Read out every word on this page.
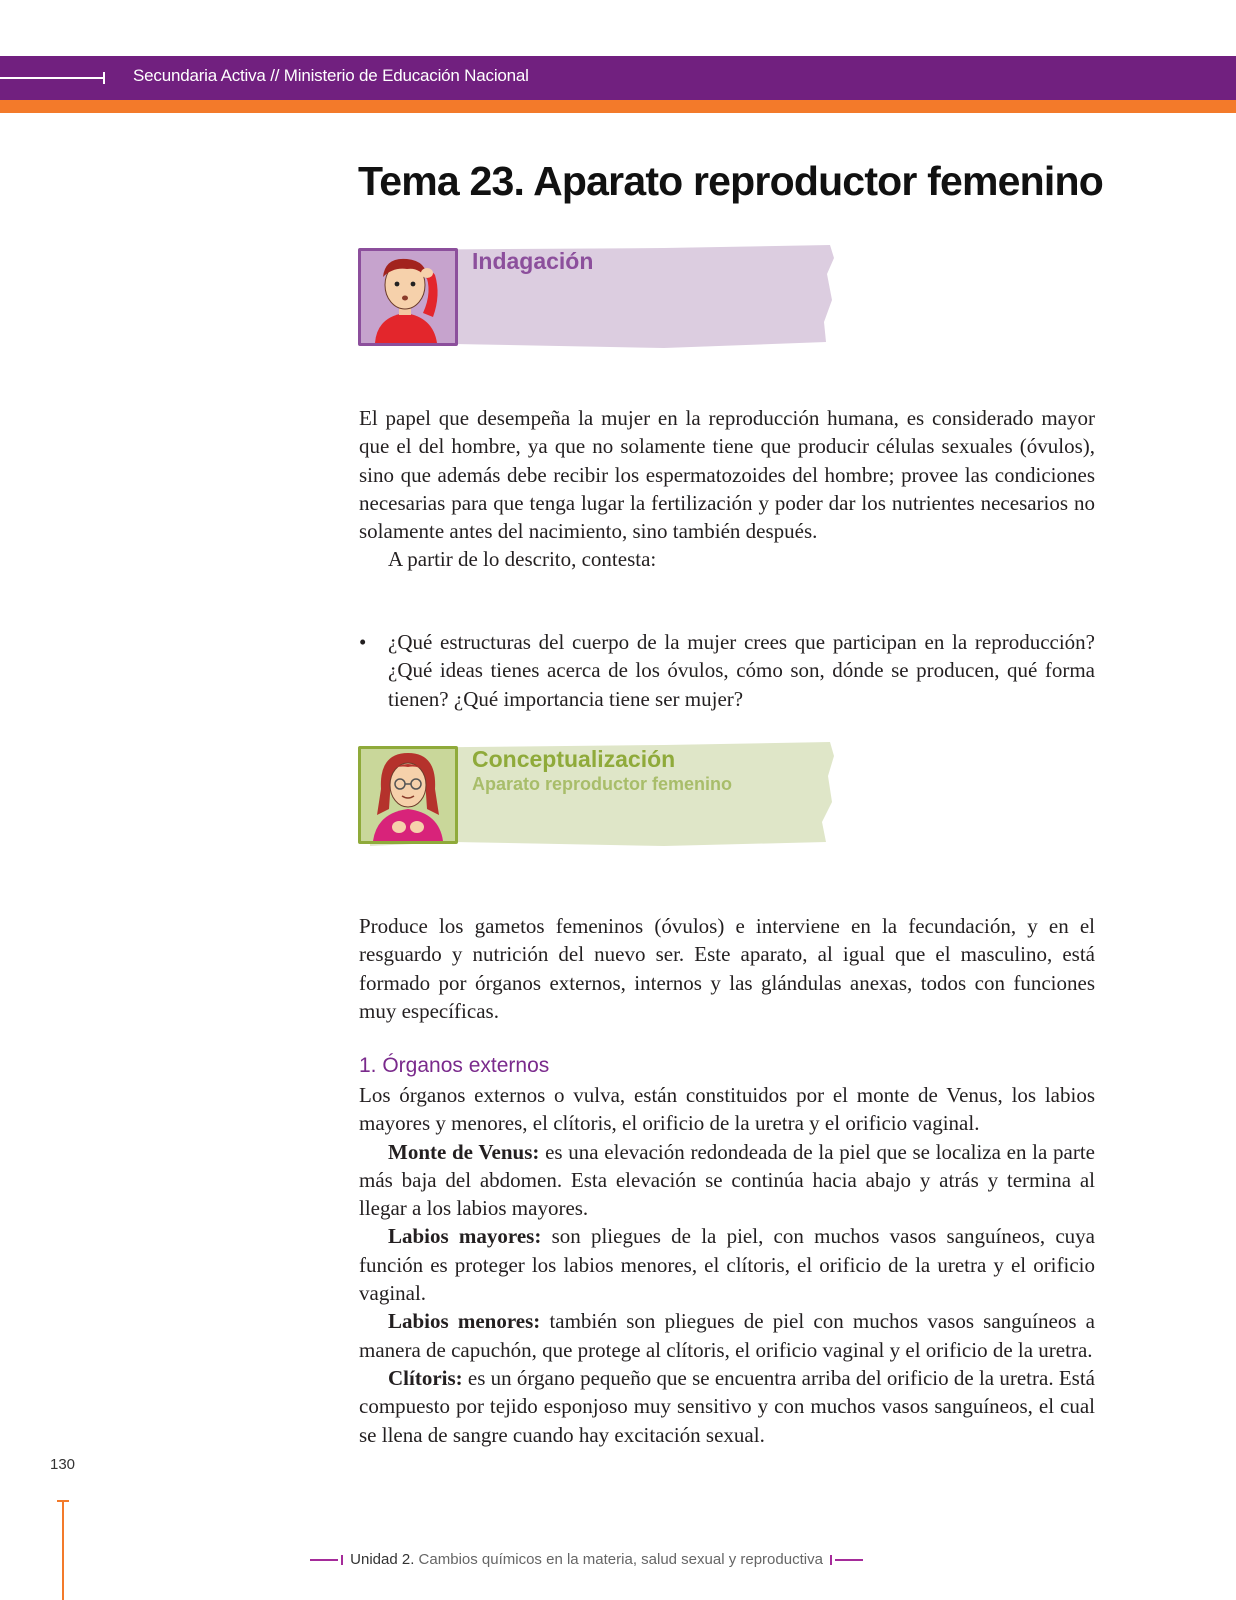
Secundaria Activa // Ministerio de Educación Nacional
Tema 23. Aparato reproductor femenino
Indagación

El papel que desempeña la mujer en la reproducción humana, es considerado mayor que el del hombre, ya que no solamente tiene que producir células sexuales (óvulos), sino que además debe recibir los espermatozoides del hombre; provee las condiciones necesarias para que tenga lugar la fertilización y poder dar los nutrientes necesarios no solamente antes del nacimiento, sino también después.

A partir de lo descrito, contesta:

• ¿Qué estructuras del cuerpo de la mujer crees que participan en la reproducción? ¿Qué ideas tienes acerca de los óvulos, cómo son, dónde se producen, qué forma tienen? ¿Qué importancia tiene ser mujer?
Conceptualización
Aparato reproductor femenino

Produce los gametos femeninos (óvulos) e interviene en la fecundación, y en el resguardo y nutrición del nuevo ser. Este aparato, al igual que el masculino, está formado por órganos externos, internos y las glándulas anexas, todos con funciones muy específicas.

1. Órganos externos

Los órganos externos o vulva, están constituidos por el monte de Venus, los labios mayores y menores, el clítoris, el orificio de la uretra y el orificio vaginal.

Monte de Venus: es una elevación redondeada de la piel que se localiza en la parte más baja del abdomen. Esta elevación se continúa hacia abajo y atrás y termina al llegar a los labios mayores.

Labios mayores: son pliegues de la piel, con muchos vasos sanguíneos, cuya función es proteger los labios menores, el clítoris, el orificio de la uretra y el orificio vaginal.

Labios menores: también son pliegues de piel con muchos vasos sanguíneos a manera de capuchón, que protege al clítoris, el orificio vaginal y el orificio de la uretra.

Clítoris: es un órgano pequeño que se encuentra arriba del orificio de la uretra. Está compuesto por tejido esponjoso muy sensitivo y con muchos vasos sanguíneos, el cual se llena de sangre cuando hay excitación sexual.

130
Unidad 2. Cambios químicos en la materia, salud sexual y reproductiva
